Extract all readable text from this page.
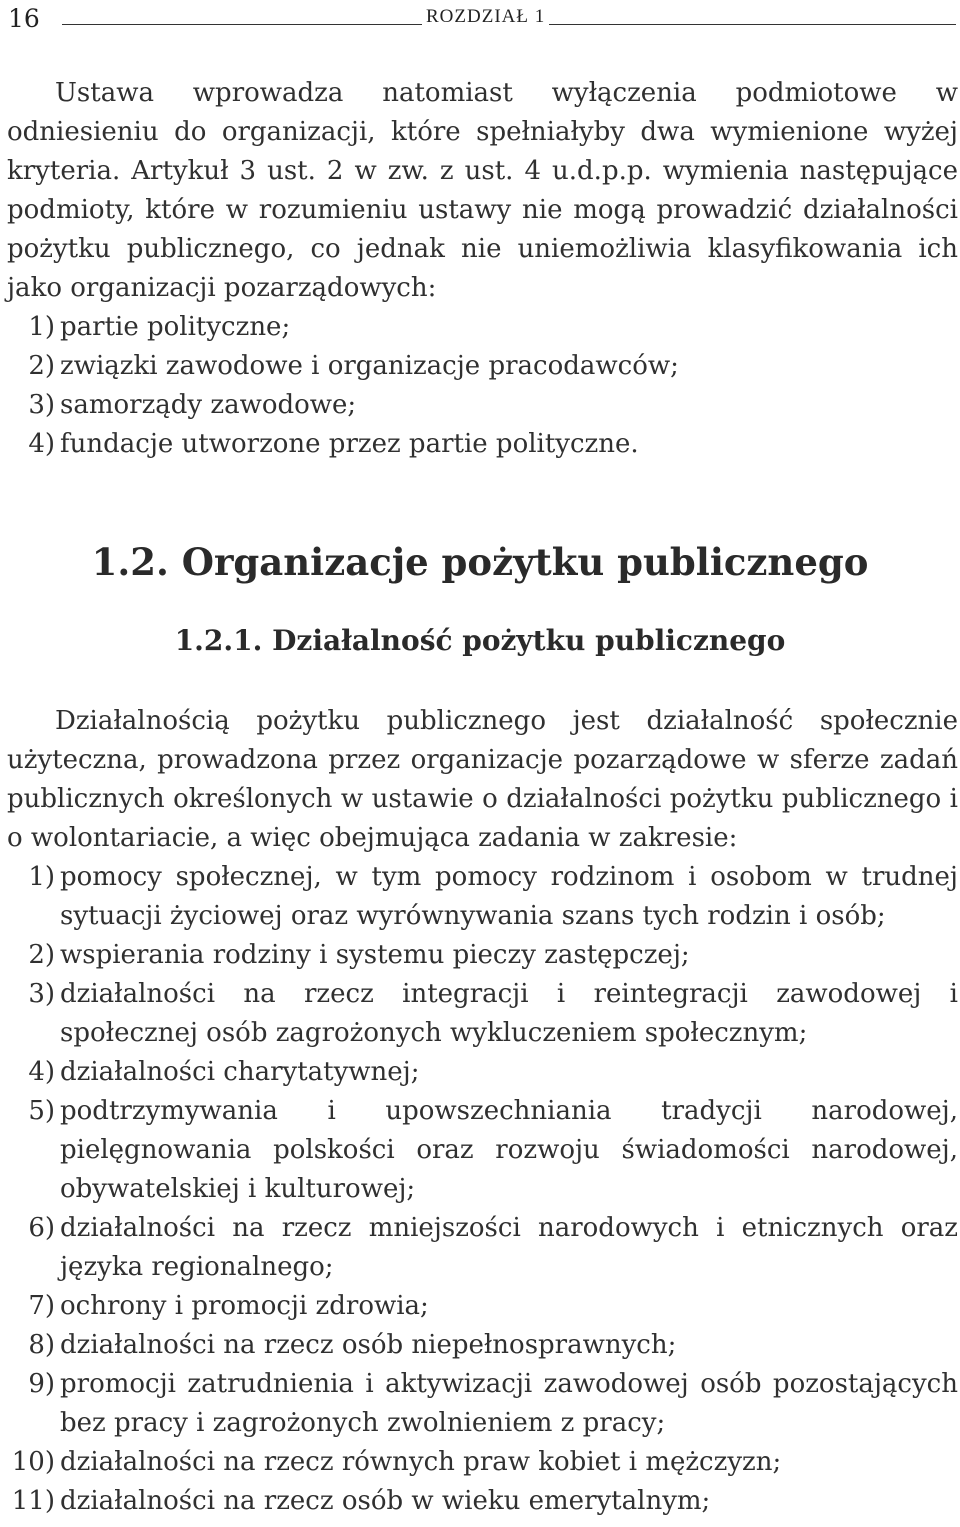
16	ROZDZIAŁ 1
Ustawa wprowadza natomiast wyłączenia podmiotowe w odniesieniu do organizacji, które spełniałyby dwa wymienione wyżej kryteria. Artykuł 3 ust. 2 w zw. z ust. 4 u.d.p.p. wymienia następujące podmioty, które w rozumieniu ustawy nie mogą prowadzić działalności pożytku publicznego, co jednak nie uniemożliwia klasyfikowania ich jako organizacji pozarządowych:
1) partie polityczne;
2) związki zawodowe i organizacje pracodawców;
3) samorządy zawodowe;
4) fundacje utworzone przez partie polityczne.
1.2. Organizacje pożytku publicznego
1.2.1. Działalność pożytku publicznego
Działalnością pożytku publicznego jest działalność społecznie użyteczna, prowadzona przez organizacje pozarządowe w sferze zadań publicznych określonych w ustawie o działalności pożytku publicznego i o wolontariacie, a więc obejmująca zadania w zakresie:
1) pomocy społecznej, w tym pomocy rodzinom i osobom w trudnej sytuacji życiowej oraz wyrównywania szans tych rodzin i osób;
2) wspierania rodziny i systemu pieczy zastępczej;
3) działalności na rzecz integracji i reintegracji zawodowej i społecznej osób zagrożonych wykluczeniem społecznym;
4) działalności charytatywnej;
5) podtrzymywania i upowszechniania tradycji narodowej, pielęgnowania polskości oraz rozwoju świadomości narodowej, obywatelskiej i kulturowej;
6) działalności na rzecz mniejszości narodowych i etnicznych oraz języka regionalnego;
7) ochrony i promocji zdrowia;
8) działalności na rzecz osób niepełnosprawnych;
9) promocji zatrudnienia i aktywizacji zawodowej osób pozostających bez pracy i zagrożonych zwolnieniem z pracy;
10) działalności na rzecz równych praw kobiet i mężczyzn;
11) działalności na rzecz osób w wieku emerytalnym;
